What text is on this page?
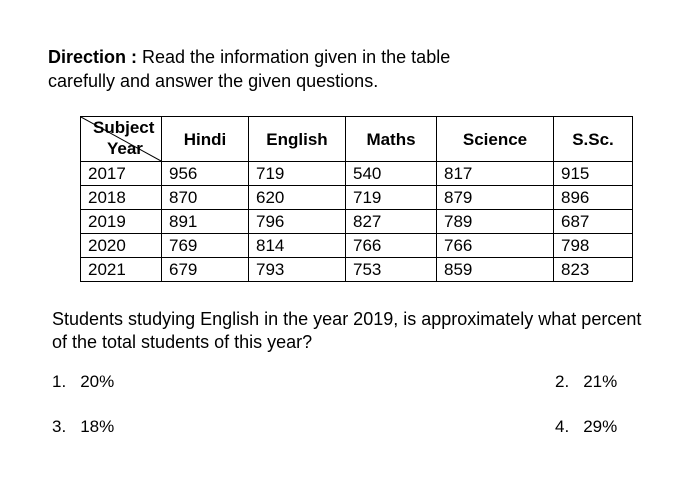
Direction : Read the information given in the table carefully and answer the given questions.
Subject
Year	Hindi	English	Maths	Science	S.Sc.
2017	956	719	540	817	915
2018	870	620	719	879	896
2019	891	796	827	789	687
2020	769	814	766	766	798
2021	679	793	753	859	823
Students studying English in the year 2019, is approximately what percent of the total students of this year?
1. 20%	2. 21%
3. 18%	4. 29%
